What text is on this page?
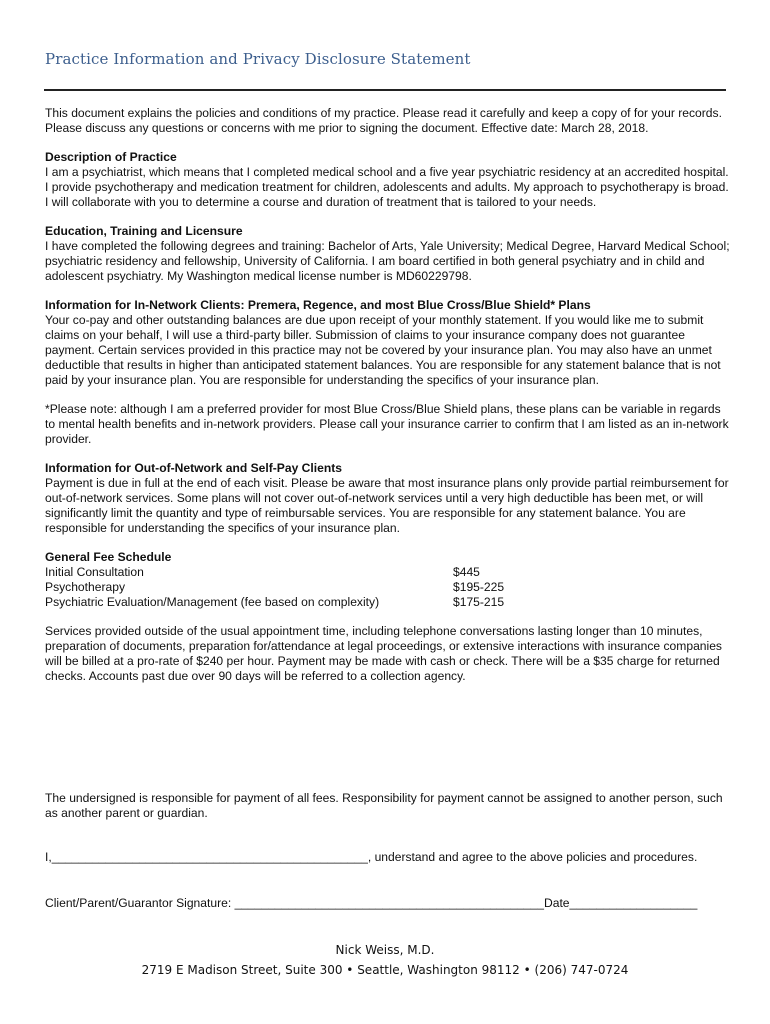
Practice Information and Privacy Disclosure Statement

This document explains the policies and conditions of my practice. Please read it carefully and keep a copy of for your records. Please discuss any questions or concerns with me prior to signing the document. Effective date: March 28, 2018.

Description of Practice

I am a psychiatrist, which means that I completed medical school and a five year psychiatric residency at an accredited hospital. I provide psychotherapy and medication treatment for children, adolescents and adults. My approach to psychotherapy is broad. I will collaborate with you to determine a course and duration of treatment that is tailored to your needs.

Education, Training and Licensure

I have completed the following degrees and training: Bachelor of Arts, Yale University; Medical Degree, Harvard Medical School; psychiatric residency and fellowship, University of California. I am board certified in both general psychiatry and in child and adolescent psychiatry. My Washington medical license number is MD60229798.

Information for In-Network Clients: Premera, Regence, and most Blue Cross/Blue Shield* Plans

Your co-pay and other outstanding balances are due upon receipt of your monthly statement. If you would like me to submit claims on your behalf, I will use a third-party biller. Submission of claims to your insurance company does not guarantee payment. Certain services provided in this practice may not be covered by your insurance plan. You may also have an unmet deductible that results in higher than anticipated statement balances. You are responsible for any statement balance that is not paid by your insurance plan. You are responsible for understanding the specifics of your insurance plan.

*Please note: although I am a preferred provider for most Blue Cross/Blue Shield plans, these plans can be variable in regards to mental health benefits and in-network providers. Please call your insurance carrier to confirm that I am listed as an in-network provider.

Information for Out-of-Network and Self-Pay Clients

Payment is due in full at the end of each visit. Please be aware that most insurance plans only provide partial reimbursement for out-of-network services. Some plans will not cover out-of-network services until a very high deductible has been met, or will significantly limit the quantity and type of reimbursable services. You are responsible for any statement balance. You are responsible for understanding the specifics of your insurance plan.

General Fee Schedule
Initial Consultation	$445
Psychotherapy	$195-225
Psychiatric Evaluation/Management (fee based on complexity)	$175-215

Services provided outside of the usual appointment time, including telephone conversations lasting longer than 10 minutes, preparation of documents, preparation for/attendance at legal proceedings, or extensive interactions with insurance companies will be billed at a pro-rate of $240 per hour. Payment may be made with cash or check. There will be a $35 charge for returned checks. Accounts past due over 90 days will be referred to a collection agency.

The undersigned is responsible for payment of all fees. Responsibility for payment cannot be assigned to another person, such as another parent or guardian.
I,_______________________________________________, understand and agree to the above policies and procedures.
Client/Parent/Guarantor Signature: ______________________________________________Date___________________
Nick Weiss, M.D.
2719 E Madison Street, Suite 300 • Seattle, Washington 98112 • (206) 747-0724
